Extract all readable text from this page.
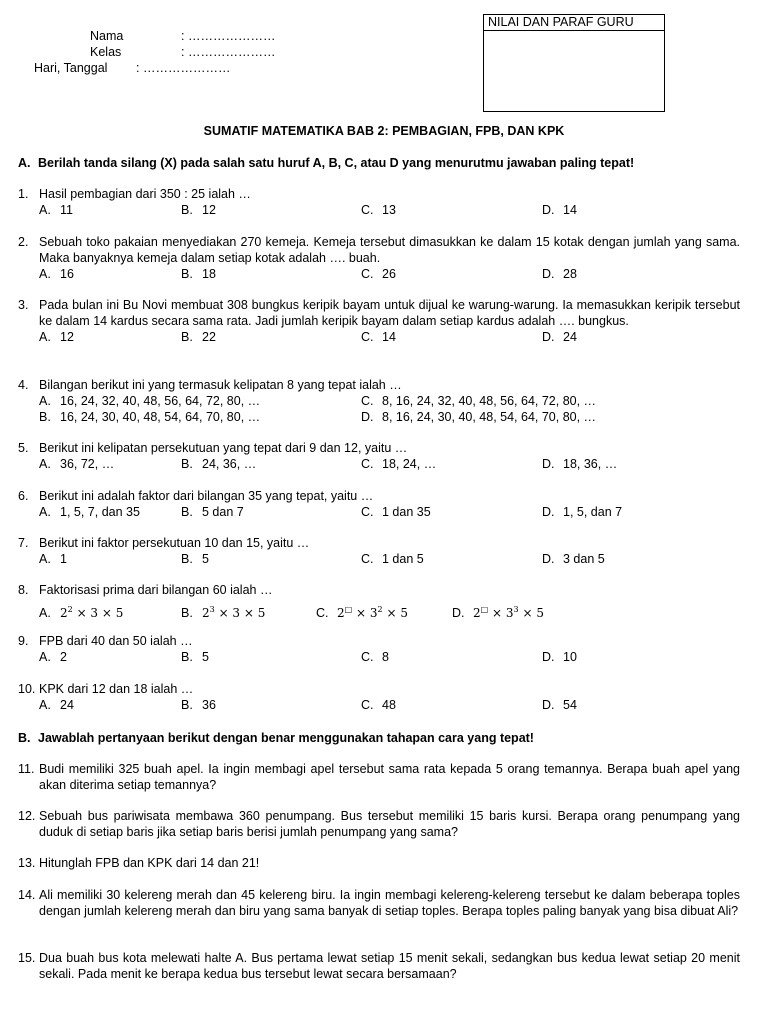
Nama	: …………………
Kelas	: …………………
Hari, Tanggal : …………………
NILAI DAN PARAF GURU
SUMATIF MATEMATIKA BAB 2: PEMBAGIAN, FPB, DAN KPK
A. Berilah tanda silang (X) pada salah satu huruf A, B, C, atau D yang menurutmu jawaban paling tepat!
1. Hasil pembagian dari 350 : 25 ialah …
A. 11	B. 12	C. 13	D. 14
2. Sebuah toko pakaian menyediakan 270 kemeja. Kemeja tersebut dimasukkan ke dalam 15 kotak dengan jumlah yang sama. Maka banyaknya kemeja dalam setiap kotak adalah …. buah.
A. 16	B. 18	C. 26	D. 28
3. Pada bulan ini Bu Novi membuat 308 bungkus keripik bayam untuk dijual ke warung-warung. Ia memasukkan keripik tersebut ke dalam 14 kardus secara sama rata. Jadi jumlah keripik bayam dalam setiap kardus adalah …. bungkus.
A. 12	B. 22	C. 14	D. 24
4. Bilangan berikut ini yang termasuk kelipatan 8 yang tepat ialah …
A. 16, 24, 32, 40, 48, 56, 64, 72, 80, …	C. 8, 16, 24, 32, 40, 48, 56, 64, 72, 80, …
B. 16, 24, 30, 40, 48, 54, 64, 70, 80, …	D. 8, 16, 24, 30, 40, 48, 54, 64, 70, 80, …
5. Berikut ini kelipatan persekutuan yang tepat dari 9 dan 12, yaitu …
A. 36, 72, …	B. 24, 36, …	C. 18, 24, …	D. 18, 36, …
6. Berikut ini adalah faktor dari bilangan 35 yang tepat, yaitu …
A. 1, 5, 7, dan 35	B. 5 dan 7	C. 1 dan 35	D. 1, 5, dan 7
7. Berikut ini faktor persekutuan 10 dan 15, yaitu …
A. 1	B. 5	C. 1 dan 5	D. 3 dan 5
8. Faktorisasi prima dari bilangan 60 ialah …
A. $2^2 \times 3 \times 5$	B. $2^3 \times 3 \times 5$	C. $2^□ \times 3^2 \times 5$	D. $2^□ \times 3^3 \times 5$
9. FPB dari 40 dan 50 ialah …
A. 2	B. 5	C. 8	D. 10
10. KPK dari 12 dan 18 ialah …
A. 24	B. 36	C. 48	D. 54
B. Jawablah pertanyaan berikut dengan benar menggunakan tahapan cara yang tepat!
11. Budi memiliki 325 buah apel. Ia ingin membagi apel tersebut sama rata kepada 5 orang temannya. Berapa buah apel yang akan diterima setiap temannya?
12. Sebuah bus pariwisata membawa 360 penumpang. Bus tersebut memiliki 15 baris kursi. Berapa orang penumpang yang duduk di setiap baris jika setiap baris berisi jumlah penumpang yang sama?
13. Hitunglah FPB dan KPK dari 14 dan 21!
14. Ali memiliki 30 kelereng merah dan 45 kelereng biru. Ia ingin membagi kelereng-kelereng tersebut ke dalam beberapa toples dengan jumlah kelereng merah dan biru yang sama banyak di setiap toples. Berapa toples paling banyak yang bisa dibuat Ali?
15. Dua buah bus kota melewati halte A. Bus pertama lewat setiap 15 menit sekali, sedangkan bus kedua lewat setiap 20 menit sekali. Pada menit ke berapa kedua bus tersebut lewat secara bersamaan?
